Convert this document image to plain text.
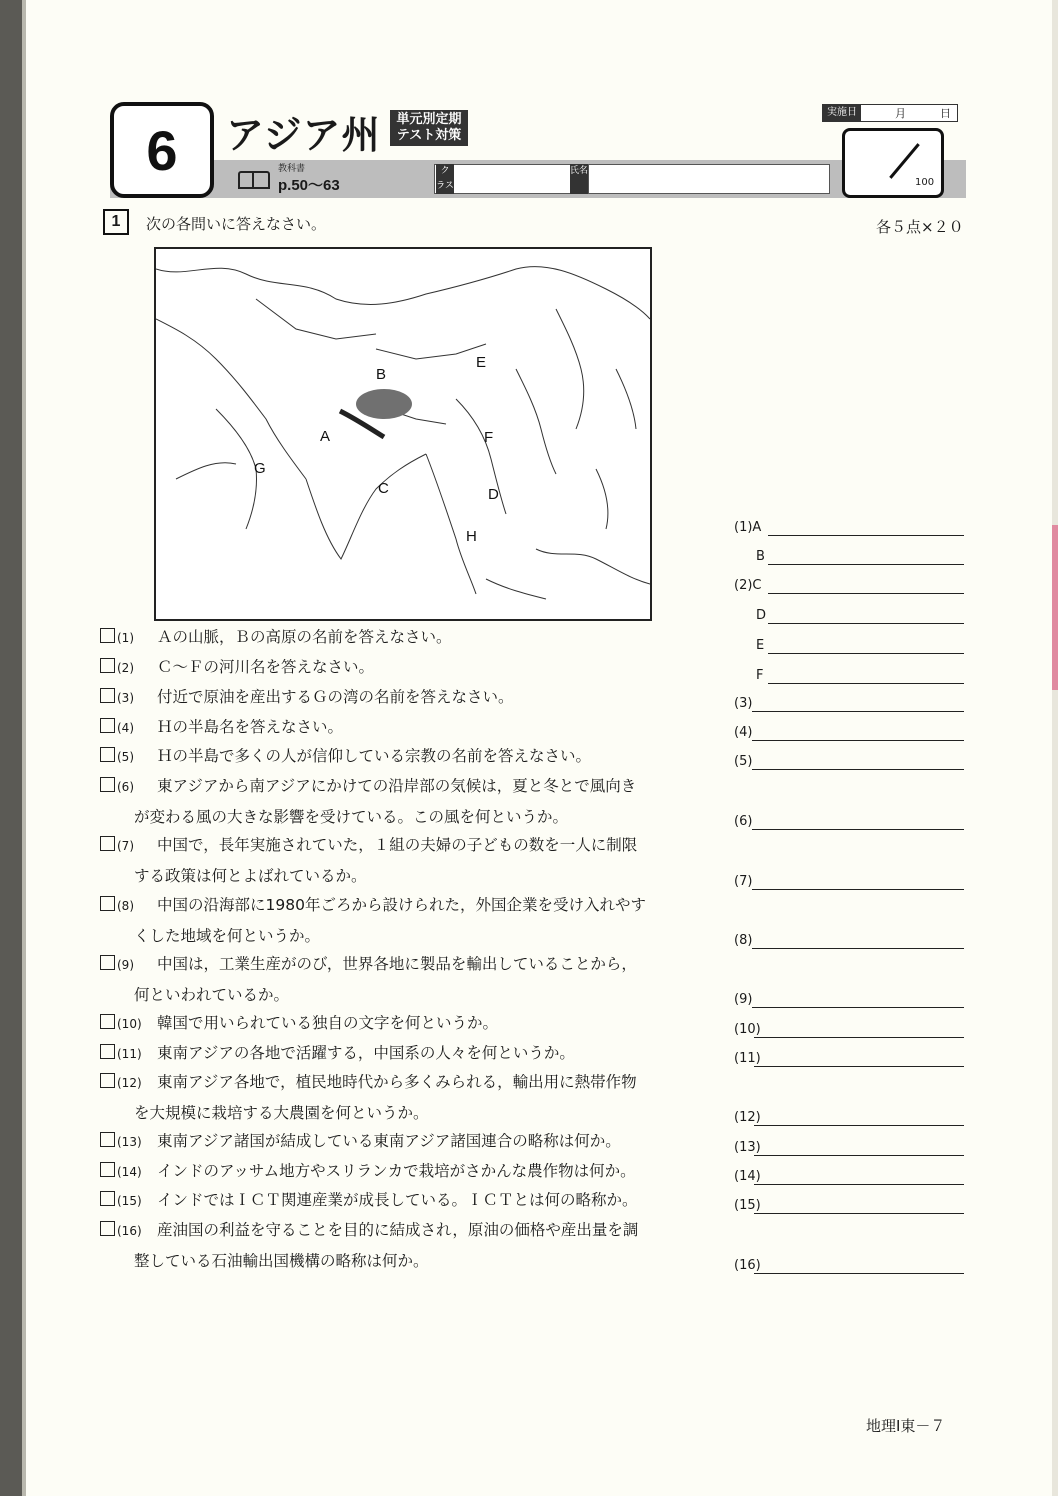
6	アジア州	単元別定期 テスト対策
教科書
p.50～63
クラス
氏名
実施日	月	日
100
1	次の各問いに答えなさい。	各５点×２０
B
A
E
F
G
C	D
H
(1)A
B
(2)C
D
E
F
(3)
(4)
(5)
(6)
(7)
(8)
(9)
(10)
(11)
(12)
(13)
(14)
(15)
(16)
(1) Ａの山脈，Ｂの高原の名前を答えなさい。
(2) Ｃ～Ｆの河川名を答えなさい。
(3) 付近で原油を産出するＧの湾の名前を答えなさい。
(4) Ｈの半島名を答えなさい。
(5) Ｈの半島で多くの人が信仰している宗教の名前を答えなさい。
(6) 東アジアから南アジアにかけての沿岸部の気候は，夏と冬とで風向き
が変わる風の大きな影響を受けている。この風を何というか。
(7) 中国で，長年実施されていた，１組の夫婦の子どもの数を一人に制限
する政策は何とよばれているか。
(8) 中国の沿海部に1980年ごろから設けられた，外国企業を受け入れやす
くした地域を何というか。
(9) 中国は，工業生産がのび，世界各地に製品を輸出していることから，
何といわれているか。
(10) 韓国で用いられている独自の文字を何というか。
(11) 東南アジアの各地で活躍する，中国系の人々を何というか。
(12) 東南アジア各地で，植民地時代から多くみられる，輸出用に熱帯作物
を大規模に栽培する大農園を何というか。
(13) 東南アジア諸国が結成している東南アジア諸国連合の略称は何か。
(14) インドのアッサム地方やスリランカで栽培がさかんな農作物は何か。
(15) インドではＩＣＴ関連産業が成長している。ＩＣＴとは何の略称か。
(16) 産油国の利益を守ることを目的に結成され，原油の価格や産出量を調
整している石油輸出国機構の略称は何か。
地理Ⅰ東－７
